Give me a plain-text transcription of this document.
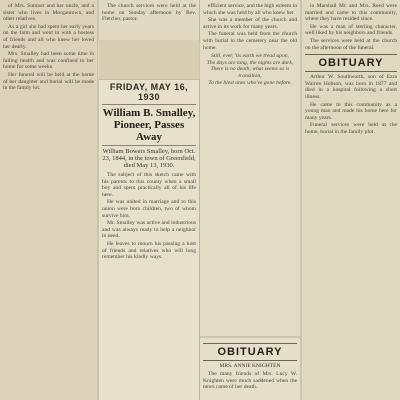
of Mrs. Sumner and her uncle, and a sister who lives in Morgantown, and other relatives.

As a girl she had spent her early years on the farm and went in with a hostess of friends and all who knew her loved her dearly.

Mrs. Smalley had been some time in failing health and was confined to her home for some weeks.

Her funeral will be held at the home of her daughter and burial will be made in the family lot.

The church services were held at the home on Sunday afternoon by Rev. Fletcher, pastor.

FRIDAY, MAY 16, 1930
William B. Smalley, Pioneer, Passes Away
William Bowers Smalley, born Oct. 23, 1844, in the town of Greenfield, died May 13, 1930.

The subject of this sketch came with his parents to this county when a small boy and spent practically all of his life here.

He was united in marriage and to this union were born children, two of whom survive him.

Mr. Smalley was active and industrious and was always ready to help a neighbor in need.

He leaves to mourn his passing a host of friends and relatives who will long remember his kindly ways.

efficient service, and the high esteem in which she was held by all who knew her.

She was a member of the church and active in its work for many years.

The funeral was held from the church with burial in the cemetery near the old home.

Still, ever, 'tis earth we tread upon,
The days are long, the nights are dark,
There is no death, what seems so is transition,
To the blest ones who've gone before.
OBITUARY
MRS. ANNIE KNIGHTEN

The many friends of Mrs. Lucy W. Knighten were much saddened when the news came of her death.

in Marshall Mr. and Mrs. Reed were married and came to this community, where they have resided since.

He was a man of sterling character, well liked by his neighbors and friends.

The services were held at the church on the afternoon of the funeral.

OBITUARY

Arthur W. Southworth, son of Ezra Warren Hobson, was born in 1877 and died in a hospital following a short illness.

He came to this community as a young man and made his home here for many years.

Funeral services were held at the home, burial in the family plot.
